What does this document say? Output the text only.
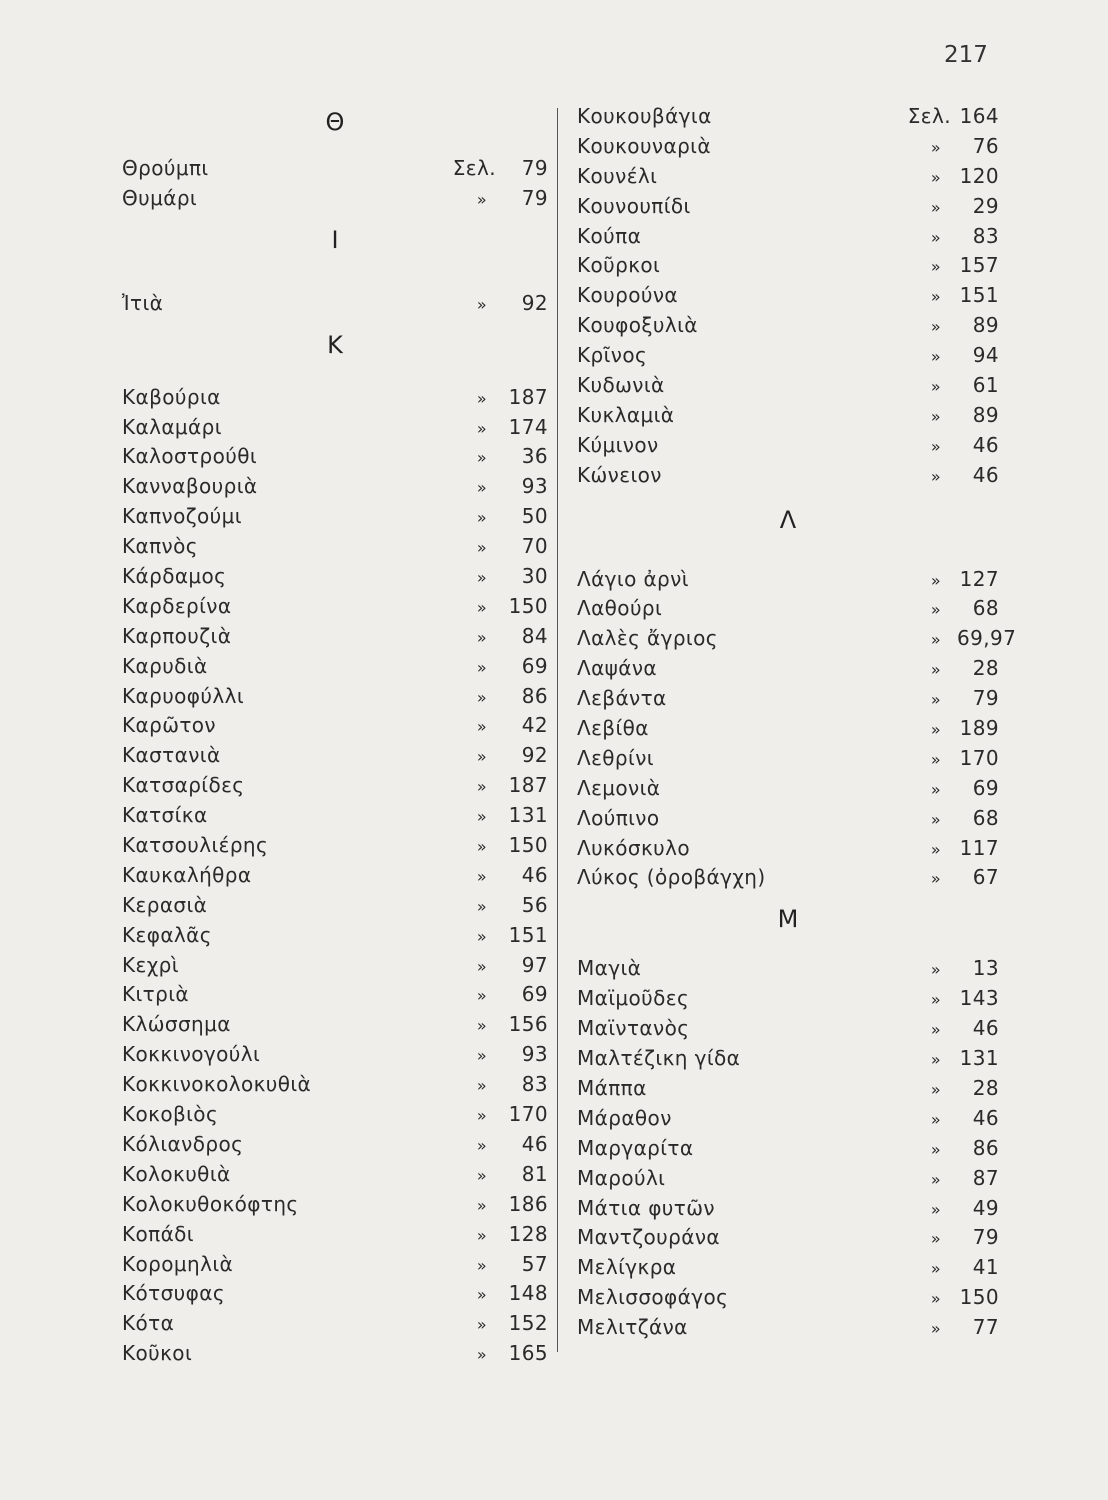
217
Θ
Θρούμπι	Σελ.	79
Θυμάρι	»	79
Ι
Ἰτιὰ	»	92
Κ
Καβούρια	»	187
Καλαμάρι	»	174
Καλοστρούθι	»	36
Κανναβουριὰ	»	93
Καπνοζούμι	»	50
Καπνὸς	»	70
Κάρδαμος	»	30
Καρδερίνα	»	150
Καρπουζιὰ	»	84
Καρυδιὰ	»	69
Καρυοφύλλι	»	86
Καρῶτον	»	42
Καστανιὰ	»	92
Κατσαρίδες	»	187
Κατσίκα	»	131
Κατσουλιέρης	»	150
Καυκαλήθρα	»	46
Κερασιὰ	»	56
Κεφαλᾶς	»	151
Κεχρὶ	»	97
Κιτριὰ	»	69
Κλώσσημα	»	156
Κοκκινογούλι	»	93
Κοκκινοκολοκυθιὰ	»	83
Κοκοβιὸς	»	170
Κόλιανδρος	»	46
Κολοκυθιὰ	»	81
Κολοκυθοκόφτης	»	186
Κοπάδι	»	128
Κορομηλιὰ	»	57
Κότσυφας	»	148
Κότα	»	152
Κοῦκοι	»	165
Κουκουβάγια	Σελ. 164
Κουκουναριὰ	»	76
Κουνέλι	» 120
Κουνουπίδι	»	29
Κούπα	»	83
Κοῦρκοι	» 157
Κουρούνα	» 151
Κουφοξυλιὰ	»	89
Κρῖνος	»	94
Κυδωνιὰ	»	61
Κυκλαμιὰ	»	89
Κύμινον	»	46
Κώνειον	»	46
Λ
Λάγιο ἀρνὶ	» 127
Λαθούρι	»	68
Λαλὲς ἄγριος	» 69,97
Λαψάνα	»	28
Λεβάντα	»	79
Λεβίθα	» 189
Λεθρίνι	» 170
Λεμονιὰ	»	69
Λούπινο	»	68
Λυκόσκυλο	» 117
Λύκος (ὀροβάγχη)	»	67
Μ
Μαγιὰ	»	13
Μαϊμοῦδες	» 143
Μαϊντανὸς	»	46
Μαλτέζικη γίδα	» 131
Μάππα	»	28
Μάραθον	»	46
Μαργαρίτα	»	86
Μαρούλι	»	87
Μάτια φυτῶν	»	49
Μαντζουράνα	»	79
Μελίγκρα	»	41
Μελισσοφάγος	» 150
Μελιτζάνα	»	77
